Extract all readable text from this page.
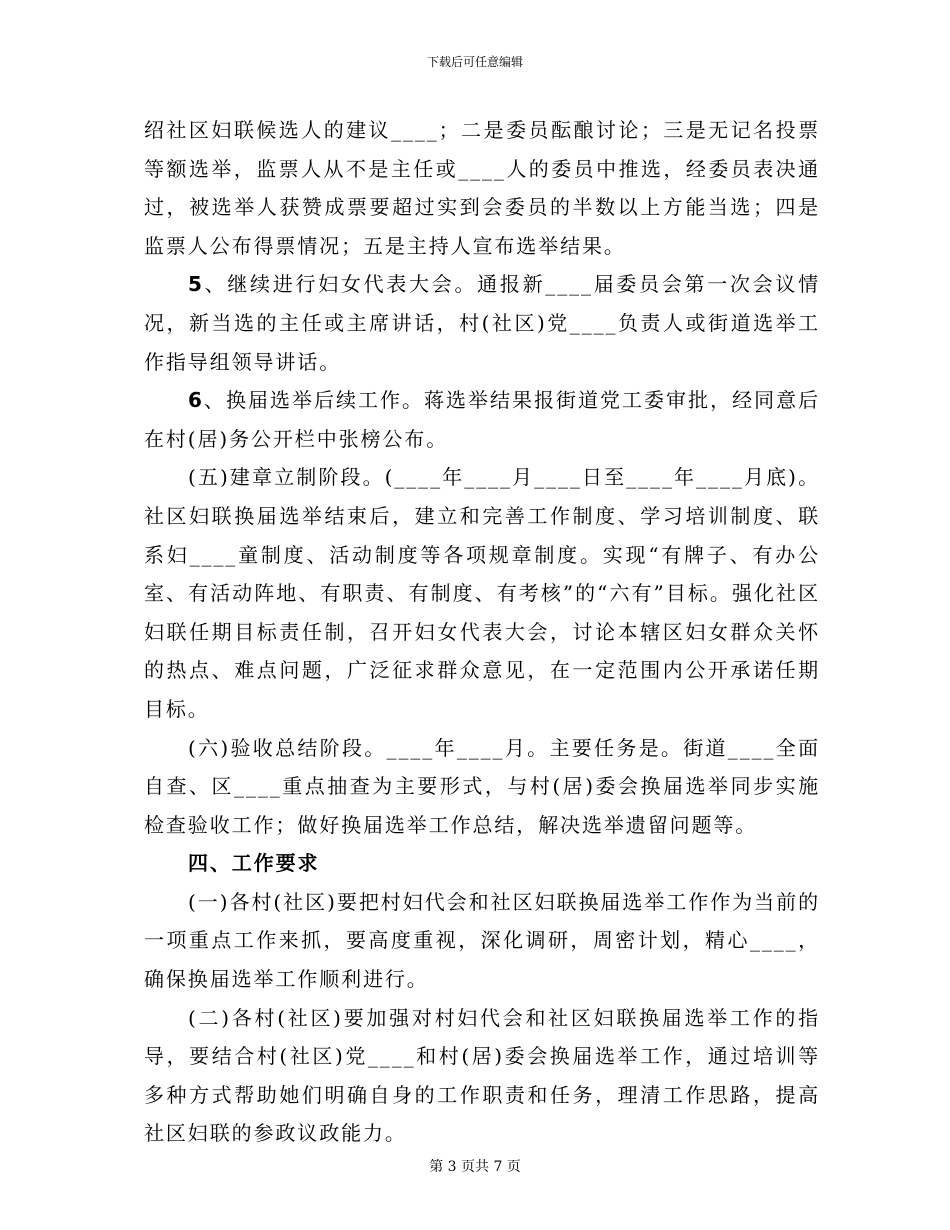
下载后可任意编辑

绍社区妇联候选人的建议____；二是委员酝酿讨论；三是无记名投票等额选举，监票人从不是主任或____人的委员中推选，经委员表决通过，被选举人获赞成票要超过实到会委员的半数以上方能当选；四是监票人公布得票情况；五是主持人宣布选举结果。

5、继续进行妇女代表大会。通报新____届委员会第一次会议情况，新当选的主任或主席讲话，村(社区)党____负责人或街道选举工作指导组领导讲话。

6、换届选举后续工作。蒋选举结果报街道党工委审批，经同意后在村(居)务公开栏中张榜公布。

(五)建章立制阶段。(____年____月____日至____年____月底)。社区妇联换届选举结束后，建立和完善工作制度、学习培训制度、联系妇____童制度、活动制度等各项规章制度。实现“有牌子、有办公室、有活动阵地、有职责、有制度、有考核”的“六有”目标。强化社区妇联任期目标责任制，召开妇女代表大会，讨论本辖区妇女群众关怀的热点、难点问题，广泛征求群众意见，在一定范围内公开承诺任期目标。

(六)验收总结阶段。____年____月。主要任务是。街道____全面自查、区____重点抽查为主要形式，与村(居)委会换届选举同步实施检查验收工作；做好换届选举工作总结，解决选举遗留问题等。

四、工作要求

(一)各村(社区)要把村妇代会和社区妇联换届选举工作作为当前的一项重点工作来抓，要高度重视，深化调研，周密计划，精心____，确保换届选举工作顺利进行。

(二)各村(社区)要加强对村妇代会和社区妇联换届选举工作的指导，要结合村(社区)党____和村(居)委会换届选举工作，通过培训等多种方式帮助她们明确自身的工作职责和任务，理清工作思路，提高社区妇联的参政议政能力。

第 3 页共 7 页
